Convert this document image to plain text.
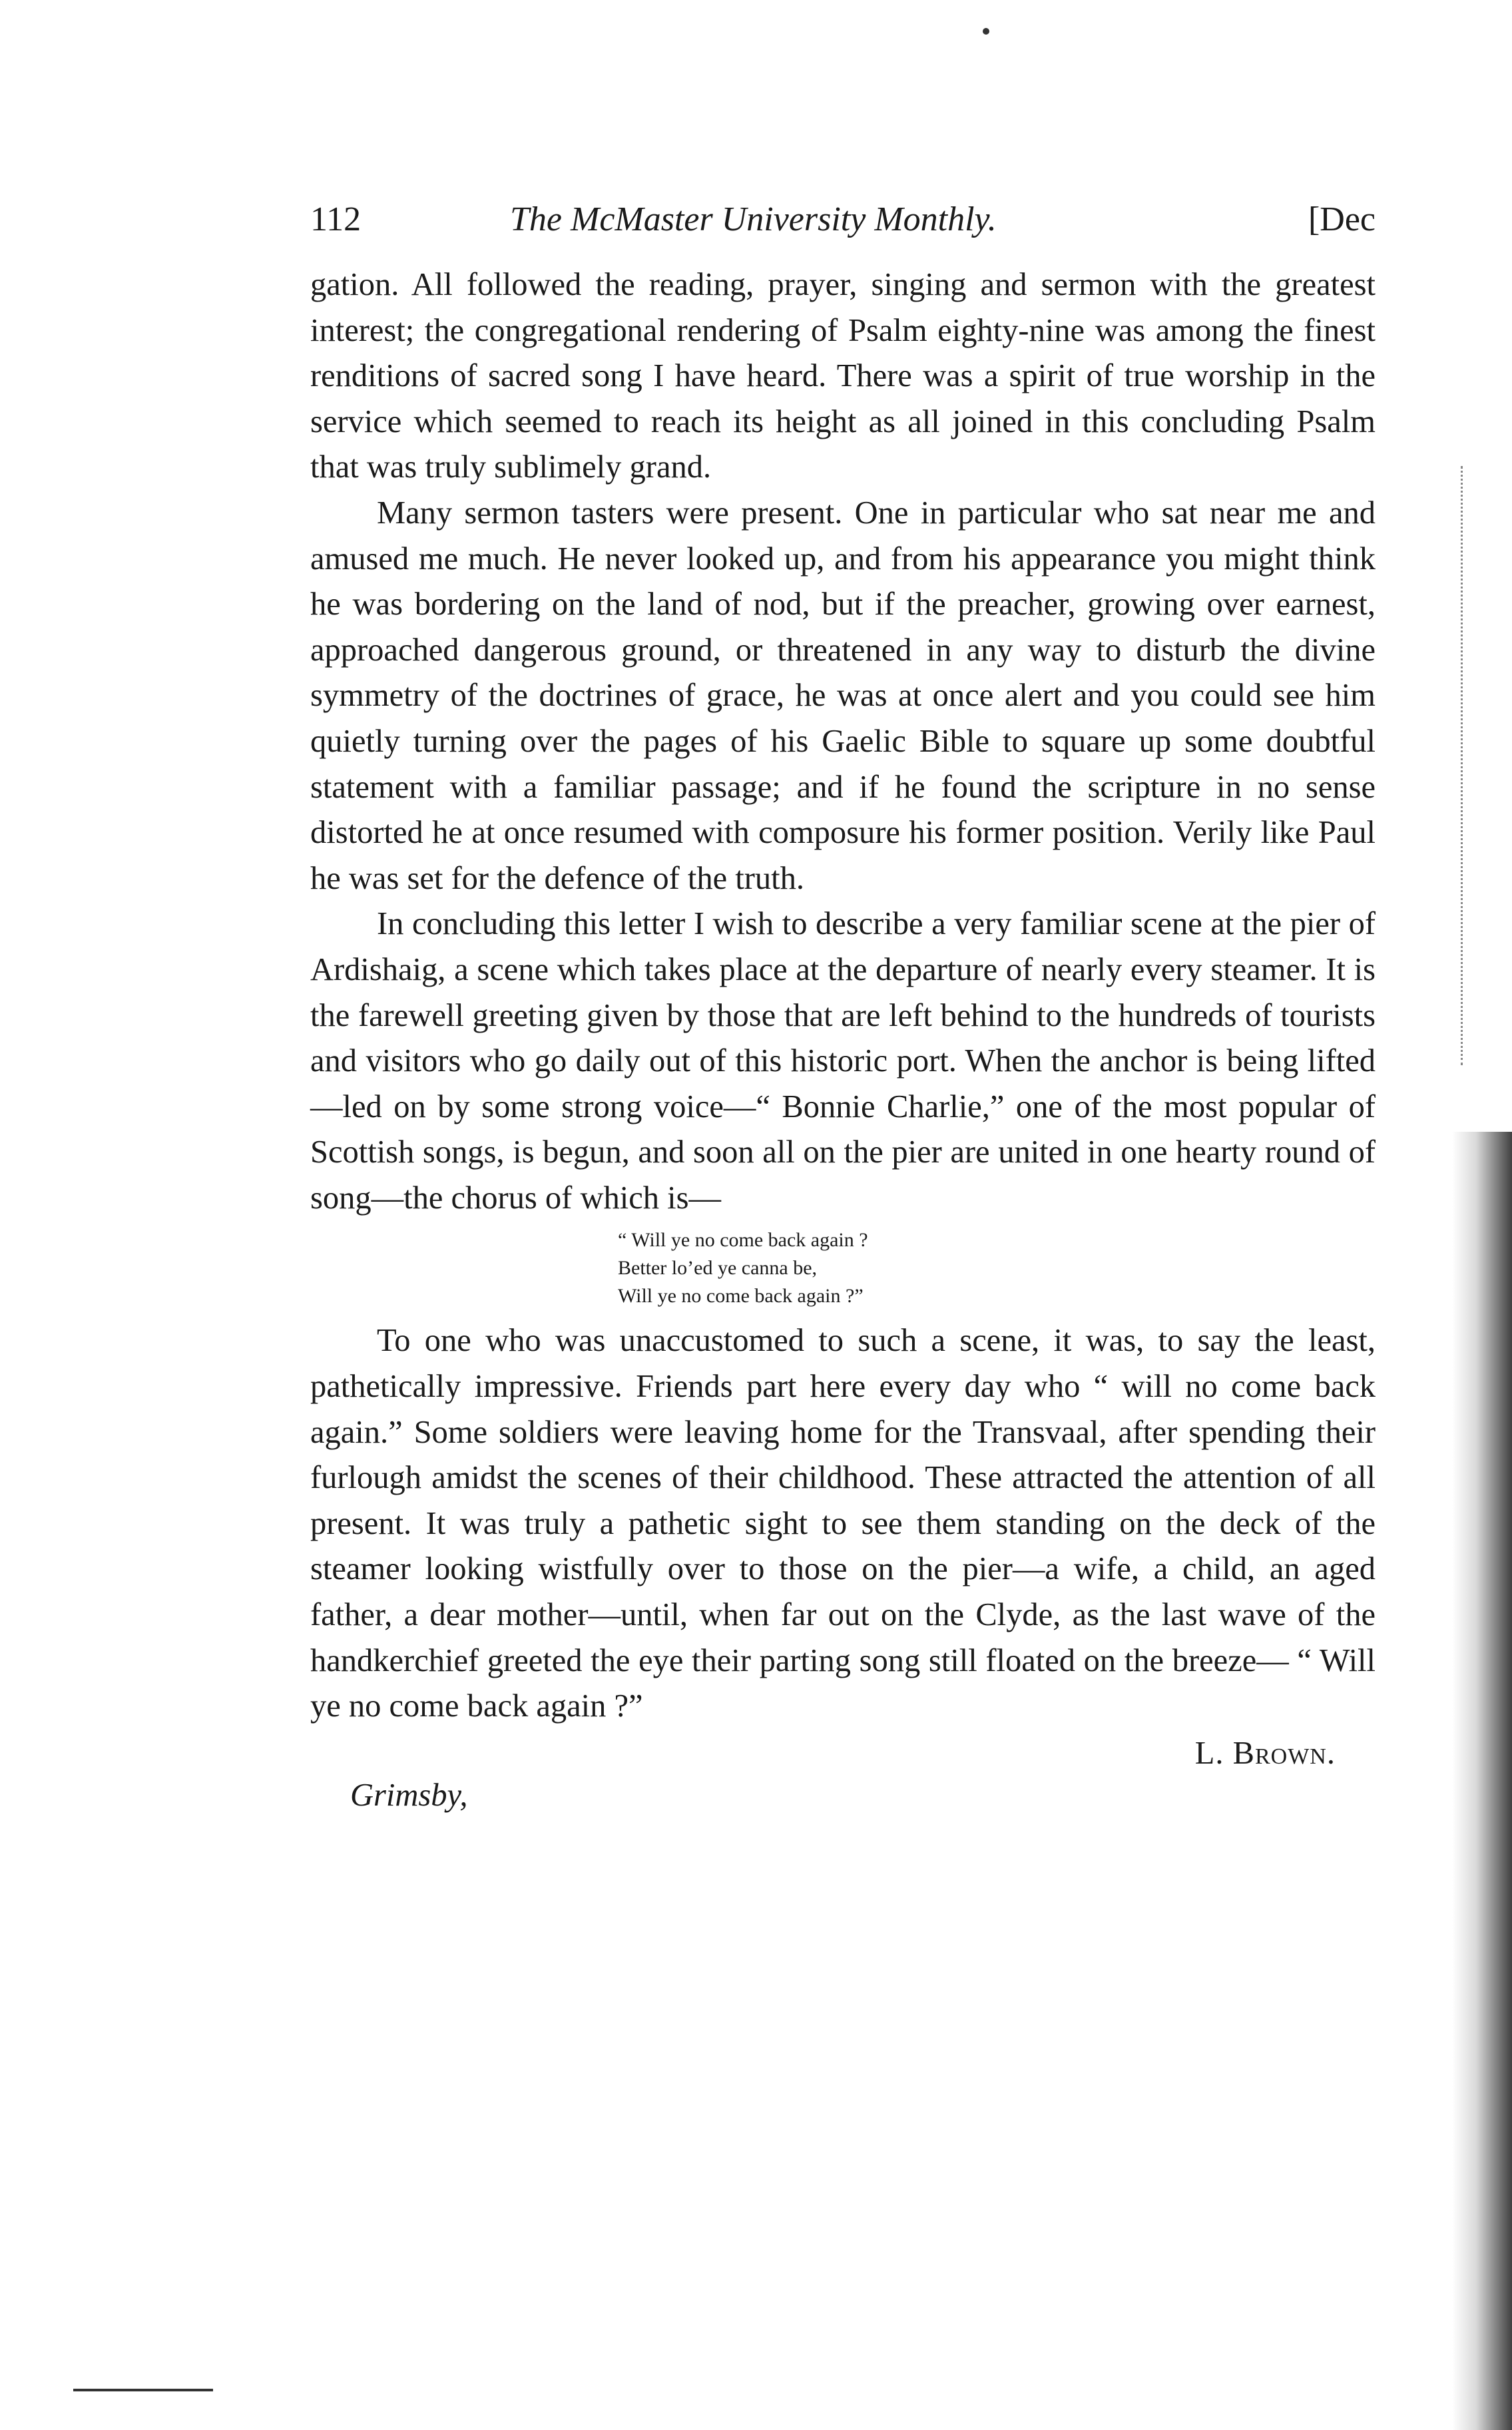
112	The McMaster University Monthly.	[Dec

gation. All followed the reading, prayer, singing and sermon with the greatest interest; the congregational rendering of Psalm eighty-nine was among the finest renditions of sacred song I have heard. There was a spirit of true worship in the service which seemed to reach its height as all joined in this concluding Psalm that was truly sublimely grand.

Many sermon tasters were present. One in particular who sat near me and amused me much. He never looked up, and from his appearance you might think he was bordering on the land of nod, but if the preacher, growing over earnest, approached dangerous ground, or threatened in any way to disturb the divine symmetry of the doctrines of grace, he was at once alert and you could see him quietly turning over the pages of his Gaelic Bible to square up some doubtful statement with a familiar passage; and if he found the scripture in no sense distorted he at once resumed with composure his former position. Verily like Paul he was set for the defence of the truth.

In concluding this letter I wish to describe a very familiar scene at the pier of Ardishaig, a scene which takes place at the departure of nearly every steamer. It is the farewell greeting given by those that are left behind to the hundreds of tourists and visitors who go daily out of this historic port. When the anchor is being lifted—led on by some strong voice—“ Bonnie Charlie,” one of the most popular of Scottish songs, is begun, and soon all on the pier are united in one hearty round of song—the chorus of which is—

“ Will ye no come back again ?
Better lo’ed ye canna be,
Will ye no come back again ?”

To one who was unaccustomed to such a scene, it was, to say the least, pathetically impressive. Friends part here every day who “ will no come back again.” Some soldiers were leaving home for the Transvaal, after spending their furlough amidst the scenes of their childhood. These attracted the attention of all present. It was truly a pathetic sight to see them standing on the deck of the steamer looking wistfully over to those on the pier—a wife, a child, an aged father, a dear mother—until, when far out on the Clyde, as the last wave of the handkerchief greeted the eye their parting song still floated on the breeze— “ Will ye no come back again ?”

L. Brown.
Grimsby,
